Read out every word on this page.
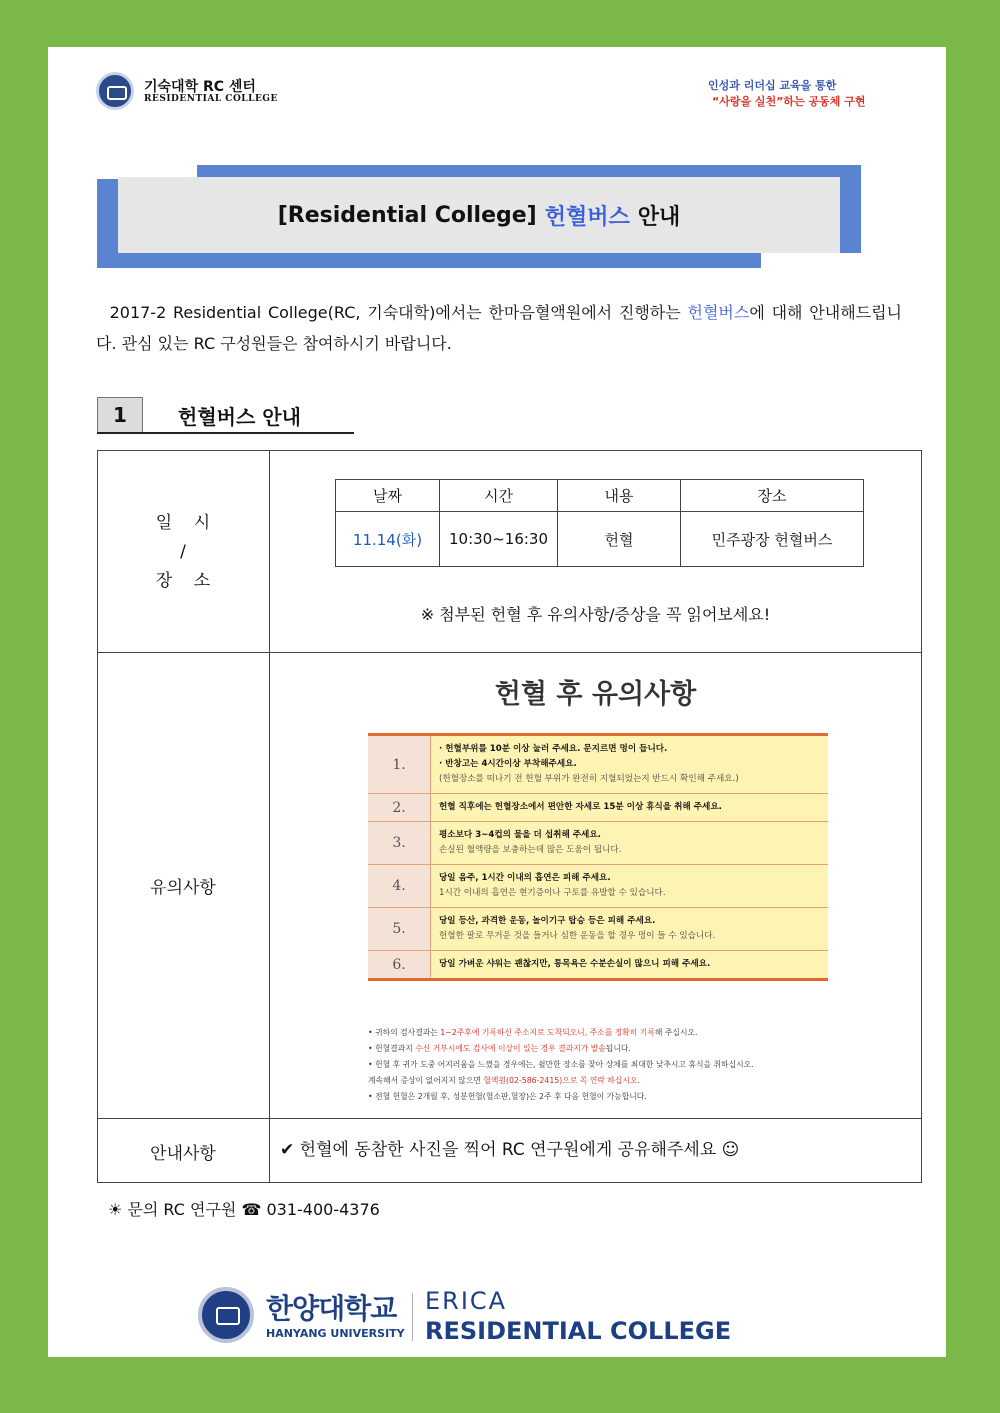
기숙대학 RC 센터
RESIDENTIAL COLLEGE
인성과 리더십 교육을 통한
“사랑을 실천”하는 공동체 구현
[Residential College] 헌혈버스 안내
2017-2 Residential College(RC, 기숙대학)에서는 한마음혈액원에서 진행하는 헌혈버스에 대해 안내해드립니다. 관심 있는 RC 구성원들은 참여하시기 바랍니다.
1	헌혈버스 안내
일    시
/
장    소
날짜	시간	내용	장소
11.14(화)	10:30~16:30	헌혈	민주광장 헌혈버스
※ 첨부된 헌혈 후 유의사항/증상을 꼭 읽어보세요!
유의사항
헌혈 후 유의사항
1.
· 헌혈부위를 10분 이상 눌러 주세요. 문지르면 멍이 듭니다.
· 반창고는 4시간이상 부착해주세요.
(헌혈장소를 떠나기 전 헌혈 부위가 완전히 지혈되었는지 반드시 확인해 주세요.)
2.	헌혈 직후에는 헌혈장소에서 편안한 자세로 15분 이상 휴식을 취해 주세요.
3.	평소보다 3~4컵의 물을 더 섭취해 주세요.
손실된 혈액량을 보충하는데 많은 도움이 됩니다.
4.	당일 음주, 1시간 이내의 흡연은 피해 주세요.
1시간 이내의 흡연은 현기증이나 구토를 유발할 수 있습니다.
5.	당일 등산, 과격한 운동, 놀이기구 탑승 등은 피해 주세요.
헌혈한 팔로 무거운 것을 들거나 심한 운동을 할 경우 멍이 들 수 있습니다.
6.	당일 가벼운 샤워는 괜찮지만, 통목욕은 수분손실이 많으니 피해 주세요.
• 귀하의 검사결과는 1~2주후에 기록하신 주소지로 도착되오니, 주소를 정확히 기록해 주십시오.
• 헌혈결과지 수신 거부시에도 검사에 이상이 있는 경우 결과지가 발송됩니다.
• 헌혈 후 귀가 도중 어지러움을 느꼈을 경우에는, 쉴만한 장소를 찾아 상체를 최대한 낮추시고 휴식을 취하십시오.
계속해서 증상이 없어지지 않으면 혈액원(02-586-2415)으로 꼭 연락 하십시오.
• 전혈 헌혈은 2개월 후, 성분헌혈(혈소판,혈장)은 2주 후 다음 헌혈이 가능합니다.
안내사항	✔ 헌혈에 동참한 사진을 찍어 RC 연구원에게 공유해주세요 ☺
☀ 문의 RC 연구원 ☎ 031-400-4376
한양대학교
HANYANG UNIVERSITY
ERICA
RESIDENTIAL COLLEGE
